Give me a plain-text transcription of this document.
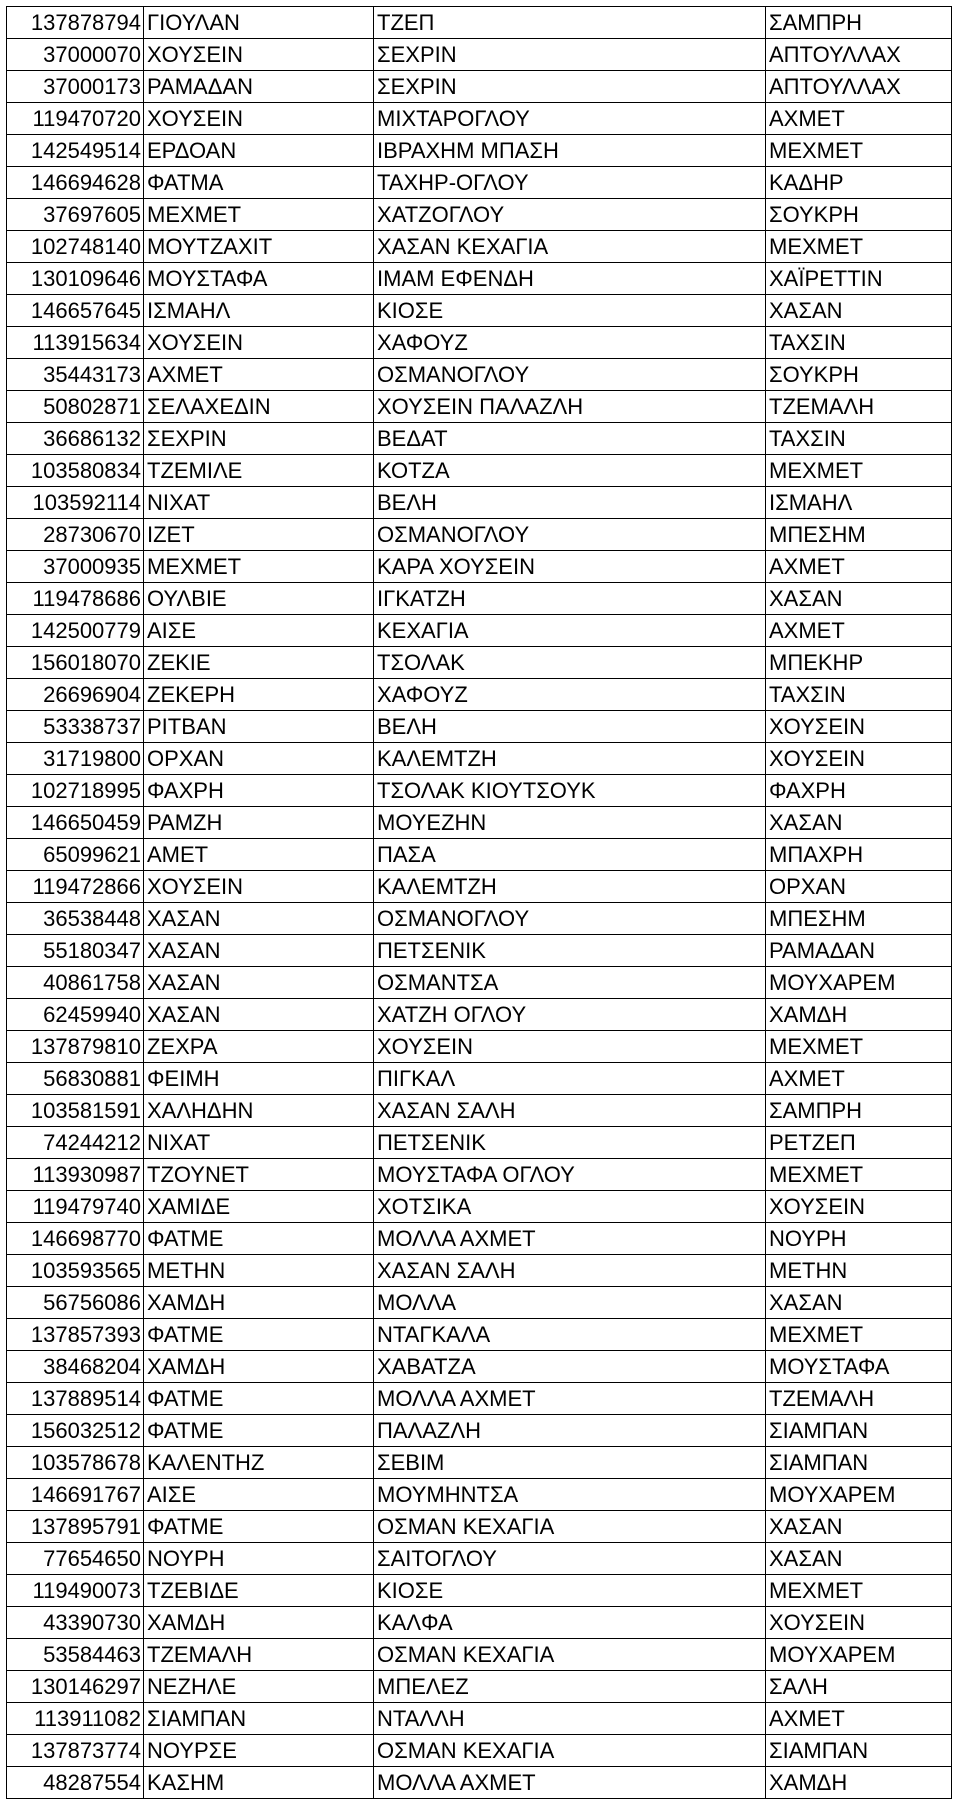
137878794	ΓΙΟΥΛΑΝ	ΤΖΕΠ	ΣΑΜΠΡΗ
37000070	ΧΟΥΣΕΙΝ	ΣΕΧΡΙΝ	ΑΠΤΟΥΛΛΑΧ
37000173	ΡΑΜΑΔΑΝ	ΣΕΧΡΙΝ	ΑΠΤΟΥΛΛΑΧ
119470720	ΧΟΥΣΕΙΝ	ΜΙΧΤΑΡΟΓΛΟΥ	ΑΧΜΕΤ
142549514	ΕΡΔΟΑΝ	ΙΒΡΑΧΗΜ ΜΠΑΣΗ	ΜΕΧΜΕΤ
146694628	ΦΑΤΜΑ	ΤΑΧΗΡ-ΟΓΛΟΥ	ΚΑΔΗΡ
37697605	ΜΕΧΜΕΤ	ΧΑΤΖΟΓΛΟΥ	ΣΟΥΚΡΗ
102748140	ΜΟΥΤΖΑΧΙΤ	ΧΑΣΑΝ ΚΕΧΑΓΙΑ	ΜΕΧΜΕΤ
130109646	ΜΟΥΣΤΑΦΑ	ΙΜΑΜ ΕΦΕΝΔΗ	ΧΑΪΡΕΤΤΙΝ
146657645	ΙΣΜΑΗΛ	ΚΙΟΣΕ	ΧΑΣΑΝ
113915634	ΧΟΥΣΕΙΝ	ΧΑΦΟΥΖ	ΤΑΧΣΙΝ
35443173	ΑΧΜΕΤ	ΟΣΜΑΝΟΓΛΟΥ	ΣΟΥΚΡΗ
50802871	ΣΕΛΑΧΕΔΙΝ	ΧΟΥΣΕΙΝ ΠΑΛΑΖΛΗ	ΤΖΕΜΑΛΗ
36686132	ΣΕΧΡΙΝ	ΒΕΔΑΤ	ΤΑΧΣΙΝ
103580834	ΤΖΕΜΙΛΕ	ΚΟΤΖΑ	ΜΕΧΜΕΤ
103592114	ΝΙΧΑΤ	ΒΕΛΗ	ΙΣΜΑΗΛ
28730670	ΙΖΕΤ	ΟΣΜΑΝΟΓΛΟΥ	ΜΠΕΣΗΜ
37000935	ΜΕΧΜΕΤ	ΚΑΡΑ ΧΟΥΣΕΙΝ	ΑΧΜΕΤ
119478686	ΟΥΛΒΙΕ	ΙΓΚΑΤΖΗ	ΧΑΣΑΝ
142500779	ΑΙΣΕ	ΚΕΧΑΓΙΑ	ΑΧΜΕΤ
156018070	ΖΕΚΙΕ	ΤΣΟΛΑΚ	ΜΠΕΚΗΡ
26696904	ΖΕΚΕΡΗ	ΧΑΦΟΥΖ	ΤΑΧΣΙΝ
53338737	ΡΙΤΒΑΝ	ΒΕΛΗ	ΧΟΥΣΕΙΝ
31719800	ΟΡΧΑΝ	ΚΑΛΕΜΤΖΗ	ΧΟΥΣΕΙΝ
102718995	ΦΑΧΡΗ	ΤΣΟΛΑΚ ΚΙΟΥΤΣΟΥΚ	ΦΑΧΡΗ
146650459	ΡΑΜΖΗ	ΜΟΥΕΖΗΝ	ΧΑΣΑΝ
65099621	ΑΜΕΤ	ΠΑΣΑ	ΜΠΑΧΡΗ
119472866	ΧΟΥΣΕΙΝ	ΚΑΛΕΜΤΖΗ	ΟΡΧΑΝ
36538448	ΧΑΣΑΝ	ΟΣΜΑΝΟΓΛΟΥ	ΜΠΕΣΗΜ
55180347	ΧΑΣΑΝ	ΠΕΤΣΕΝΙΚ	ΡΑΜΑΔΑΝ
40861758	ΧΑΣΑΝ	ΟΣΜΑΝΤΣΑ	ΜΟΥΧΑΡΕΜ
62459940	ΧΑΣΑΝ	ΧΑΤΖΗ ΟΓΛΟΥ	ΧΑΜΔΗ
137879810	ΖΕΧΡΑ	ΧΟΥΣΕΙΝ	ΜΕΧΜΕΤ
56830881	ΦΕΙΜΗ	ΠΙΓΚΑΛ	ΑΧΜΕΤ
103581591	ΧΑΛΗΔΗΝ	ΧΑΣΑΝ ΣΑΛΗ	ΣΑΜΠΡΗ
74244212	ΝΙΧΑΤ	ΠΕΤΣΕΝΙΚ	ΡΕΤΖΕΠ
113930987	ΤΖΟΥΝΕΤ	ΜΟΥΣΤΑΦΑ ΟΓΛΟΥ	ΜΕΧΜΕΤ
119479740	ΧΑΜΙΔΕ	ΧΟΤΣΙΚΑ	ΧΟΥΣΕΙΝ
146698770	ΦΑΤΜΕ	ΜΟΛΛΑ ΑΧΜΕΤ	ΝΟΥΡΗ
103593565	ΜΕΤΗΝ	ΧΑΣΑΝ ΣΑΛΗ	ΜΕΤΗΝ
56756086	ΧΑΜΔΗ	ΜΟΛΛΑ	ΧΑΣΑΝ
137857393	ΦΑΤΜΕ	ΝΤΑΓΚΑΛΑ	ΜΕΧΜΕΤ
38468204	ΧΑΜΔΗ	ΧΑΒΑΤΖΑ	ΜΟΥΣΤΑΦΑ
137889514	ΦΑΤΜΕ	ΜΟΛΛΑ ΑΧΜΕΤ	ΤΖΕΜΑΛΗ
156032512	ΦΑΤΜΕ	ΠΑΛΑΖΛΗ	ΣΙΑΜΠΑΝ
103578678	ΚΑΛΕΝΤΗΖ	ΣΕΒΙΜ	ΣΙΑΜΠΑΝ
146691767	ΑΙΣΕ	ΜΟΥΜΗΝΤΣΑ	ΜΟΥΧΑΡΕΜ
137895791	ΦΑΤΜΕ	ΟΣΜΑΝ ΚΕΧΑΓΙΑ	ΧΑΣΑΝ
77654650	ΝΟΥΡΗ	ΣΑΙΤΟΓΛΟΥ	ΧΑΣΑΝ
119490073	ΤΖΕΒΙΔΕ	ΚΙΟΣΕ	ΜΕΧΜΕΤ
43390730	ΧΑΜΔΗ	ΚΑΛΦΑ	ΧΟΥΣΕΙΝ
53584463	ΤΖΕΜΑΛΗ	ΟΣΜΑΝ ΚΕΧΑΓΙΑ	ΜΟΥΧΑΡΕΜ
130146297	ΝΕΖΗΛΕ	ΜΠΕΛΕΖ	ΣΑΛΗ
113911082	ΣΙΑΜΠΑΝ	ΝΤΑΛΛΗ	ΑΧΜΕΤ
137873774	ΝΟΥΡΣΕ	ΟΣΜΑΝ ΚΕΧΑΓΙΑ	ΣΙΑΜΠΑΝ
48287554	ΚΑΣΗΜ	ΜΟΛΛΑ ΑΧΜΕΤ	ΧΑΜΔΗ
